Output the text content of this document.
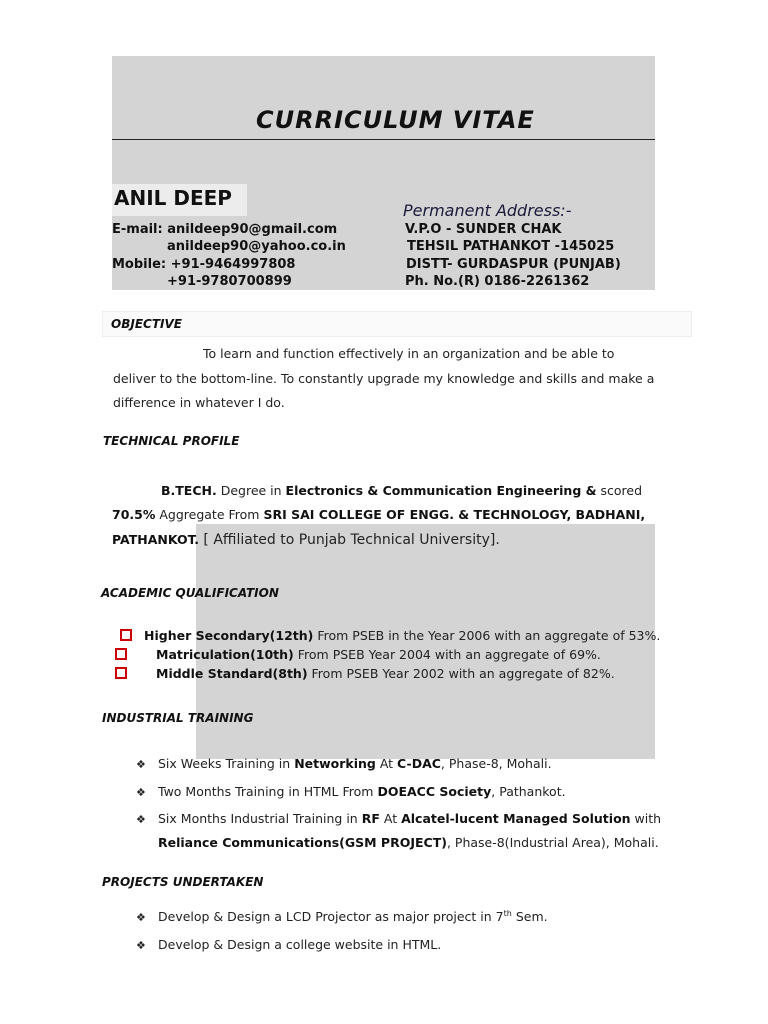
CURRICULUM VITAE
ANIL DEEP
Permanent Address:-
E-mail: anildeep90@gmail.com
anildeep90@yahoo.co.in
Mobile: +91-9464997808
+91-9780700899
V.P.O - SUNDER CHAK
TEHSIL PATHANKOT -145025
DISTT- GURDASPUR (PUNJAB)
Ph. No.(R) 0186-2261362
OBJECTIVE
To learn and function effectively in an organization and be able to
deliver to the bottom-line. To constantly upgrade my knowledge and skills and make a
difference in whatever I do.
TECHNICAL PROFILE
B.TECH. Degree in Electronics & Communication Engineering & scored
70.5% Aggregate From SRI SAI COLLEGE OF ENGG. & TECHNOLOGY, BADHANI,
PATHANKOT. [ Affiliated to Punjab Technical University].
ACADEMIC QUALIFICATION
Higher Secondary(12th) From PSEB in the Year 2006 with an aggregate of 53%.
Matriculation(10th) From PSEB Year 2004 with an aggregate of 69%.
Middle Standard(8th) From PSEB Year 2002 with an aggregate of 82%.
INDUSTRIAL TRAINING
❖ Six Weeks Training in Networking At C-DAC, Phase-8, Mohali.
❖ Two Months Training in HTML From DOEACC Society, Pathankot.
❖ Six Months Industrial Training in RF At Alcatel-lucent Managed Solution with
Reliance Communications(GSM PROJECT), Phase-8(Industrial Area), Mohali.
PROJECTS UNDERTAKEN
❖ Develop & Design a LCD Projector as major project in 7th Sem.
❖ Develop & Design a college website in HTML.
